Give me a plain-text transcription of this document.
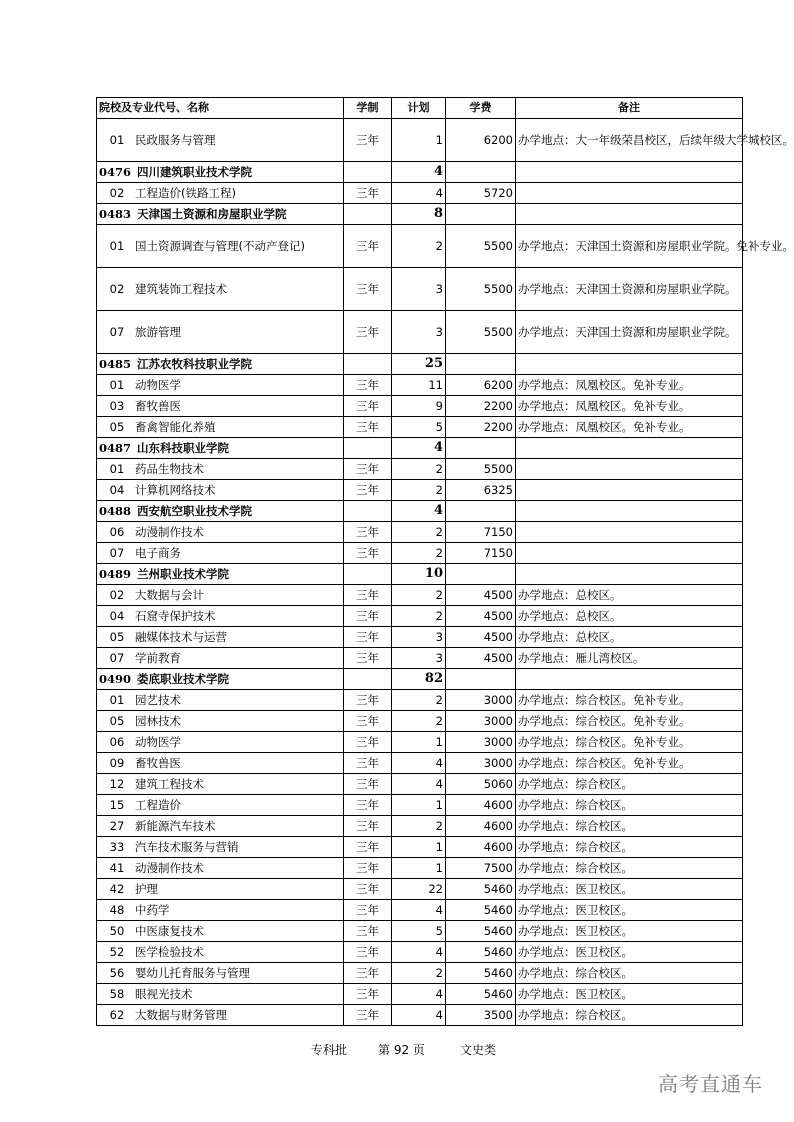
院校及专业代号、名称	学制	计划	学费	备注
01 民政服务与管理	三年	1	6200	办学地点：大一年级荣昌校区，后续年级大学城校区。
0476 四川建筑职业技术学院		4		
02 工程造价(铁路工程)	三年	4	5720	
0483 天津国土资源和房屋职业学院		8		
01 国土资源调查与管理(不动产登记)	三年	2	5500	办学地点：天津国土资源和房屋职业学院。免补专业。
02 建筑装饰工程技术	三年	3	5500	办学地点：天津国土资源和房屋职业学院。
07 旅游管理	三年	3	5500	办学地点：天津国土资源和房屋职业学院。
0485 江苏农牧科技职业学院		25		
01 动物医学	三年	11	6200	办学地点：凤凰校区。免补专业。
03 畜牧兽医	三年	9	2200	办学地点：凤凰校区。免补专业。
05 畜禽智能化养殖	三年	5	2200	办学地点：凤凰校区。免补专业。
0487 山东科技职业学院		4		
01 药品生物技术	三年	2	5500	
04 计算机网络技术	三年	2	6325	
0488 西安航空职业技术学院		4		
06 动漫制作技术	三年	2	7150	
07 电子商务	三年	2	7150	
0489 兰州职业技术学院		10		
02 大数据与会计	三年	2	4500	办学地点：总校区。
04 石窟寺保护技术	三年	2	4500	办学地点：总校区。
05 融媒体技术与运营	三年	3	4500	办学地点：总校区。
07 学前教育	三年	3	4500	办学地点：雁儿湾校区。
0490 娄底职业技术学院		82		
01 园艺技术	三年	2	3000	办学地点：综合校区。免补专业。
05 园林技术	三年	2	3000	办学地点：综合校区。免补专业。
06 动物医学	三年	1	3000	办学地点：综合校区。免补专业。
09 畜牧兽医	三年	4	3000	办学地点：综合校区。免补专业。
12 建筑工程技术	三年	4	5060	办学地点：综合校区。
15 工程造价	三年	1	4600	办学地点：综合校区。
27 新能源汽车技术	三年	2	4600	办学地点：综合校区。
33 汽车技术服务与营销	三年	1	4600	办学地点：综合校区。
41 动漫制作技术	三年	1	7500	办学地点：综合校区。
42 护理	三年	22	5460	办学地点：医卫校区。
48 中药学	三年	4	5460	办学地点：医卫校区。
50 中医康复技术	三年	5	5460	办学地点：医卫校区。
52 医学检验技术	三年	4	5460	办学地点：医卫校区。
56 婴幼儿托育服务与管理	三年	2	5460	办学地点：综合校区。
58 眼视光技术	三年	4	5460	办学地点：医卫校区。
62 大数据与财务管理	三年	4	3500	办学地点：综合校区。
专科批	第 92 页	文史类
高考直通车
